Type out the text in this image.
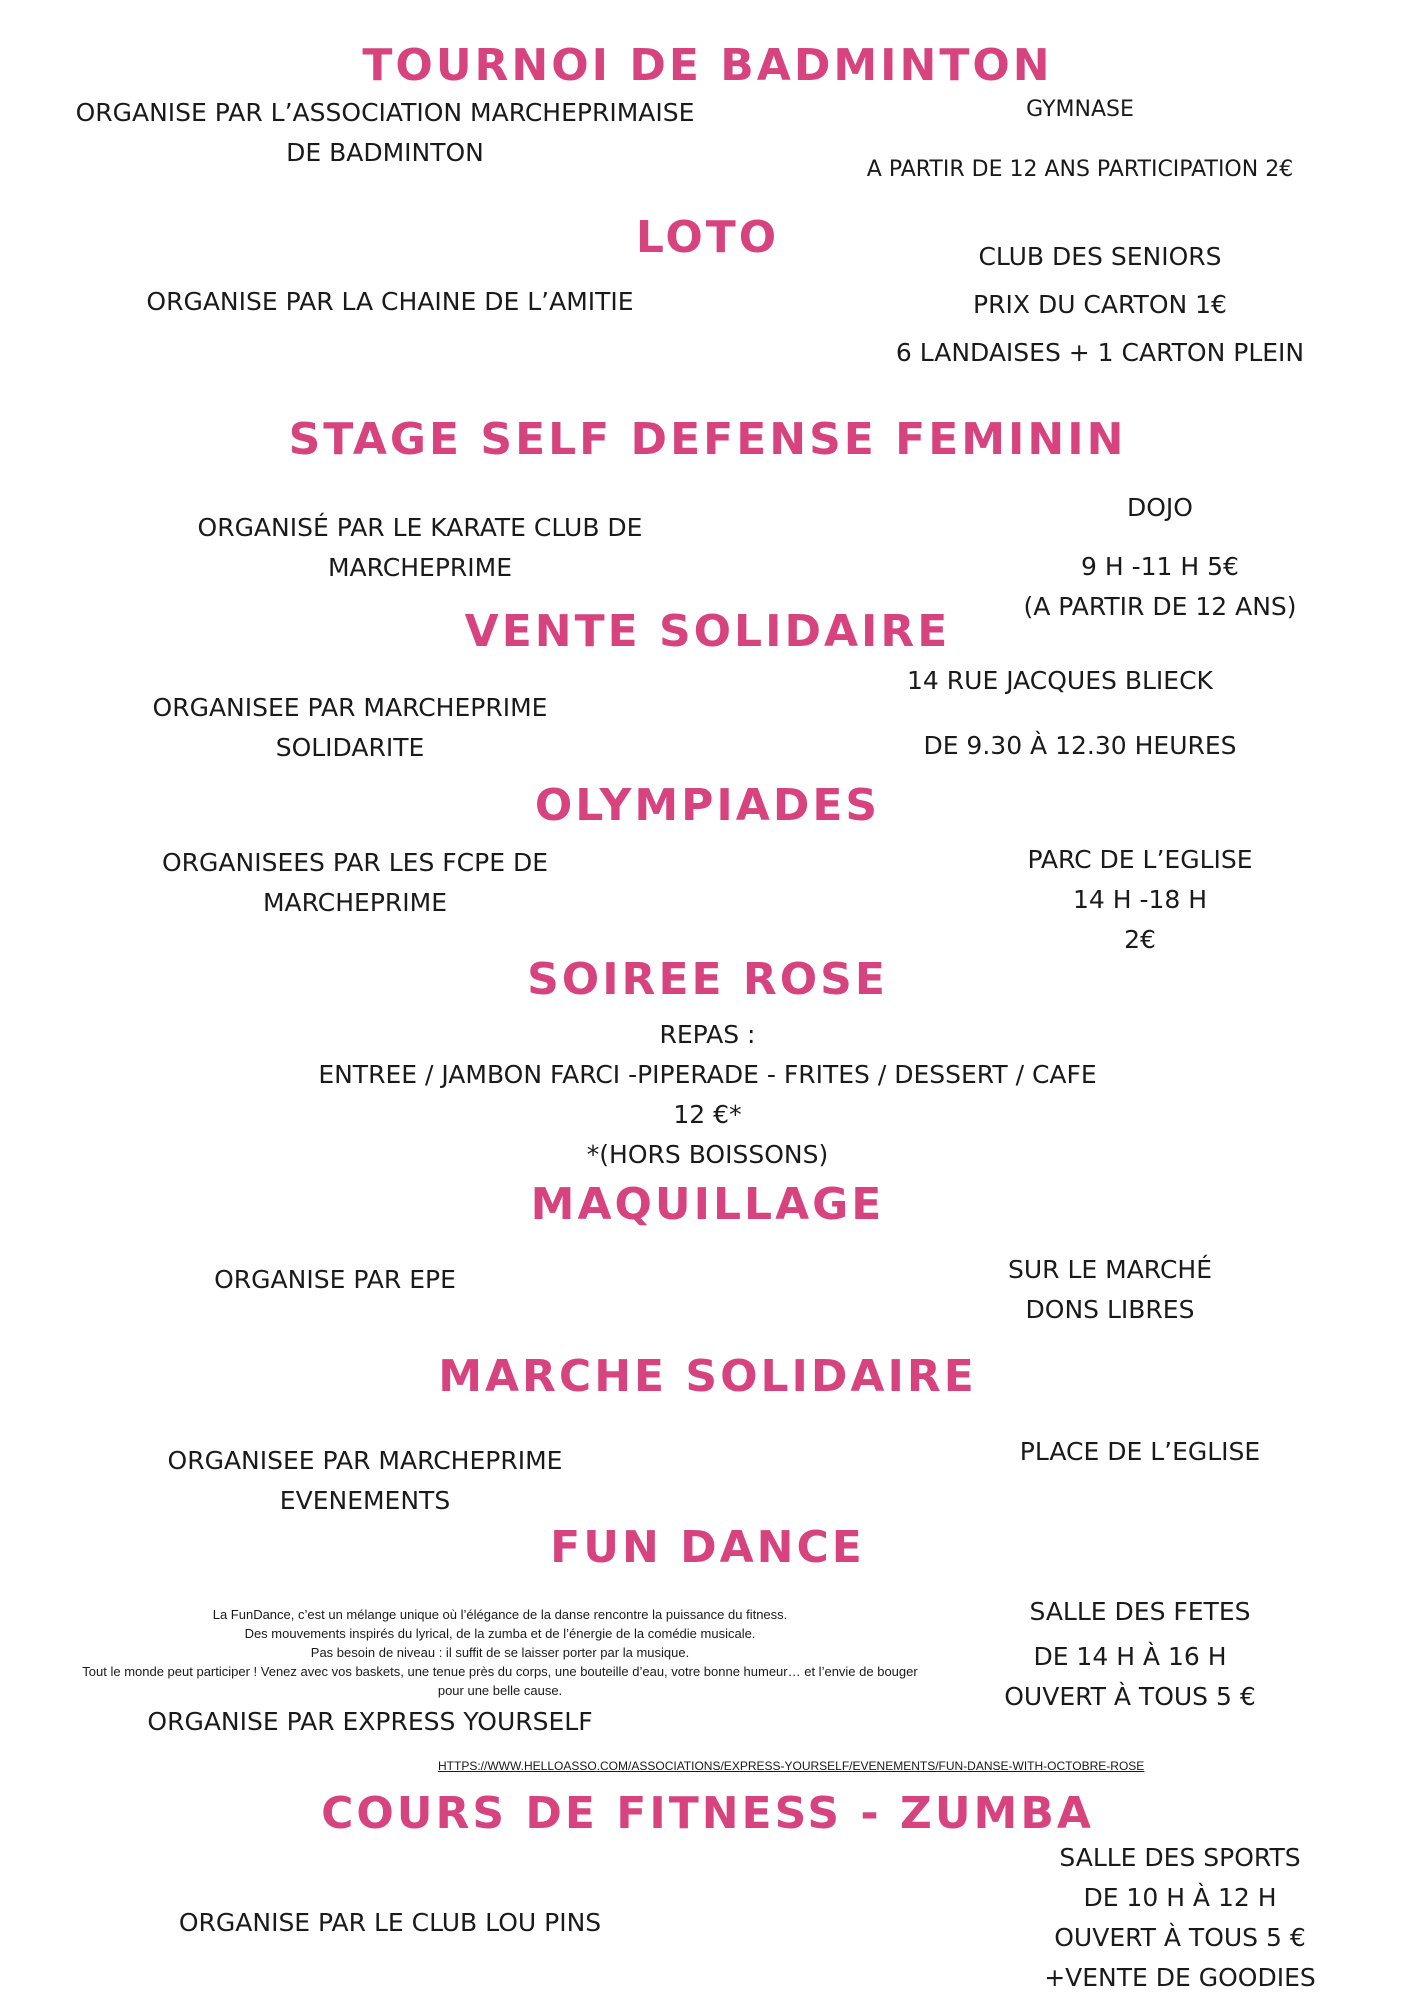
TOURNOI DE BADMINTON
ORGANISE PAR L’ASSOCIATION MARCHEPRIMAISE
DE BADMINTON
GYMNASE
A PARTIR DE 12 ANS PARTICIPATION 2€
LOTO
ORGANISE PAR LA CHAINE DE L’AMITIE
CLUB DES SENIORS
PRIX DU CARTON 1€
6 LANDAISES + 1 CARTON PLEIN
STAGE SELF DEFENSE FEMININ
ORGANISÉ PAR LE KARATE CLUB DE
MARCHEPRIME
DOJO
9 H -11 H 5€
(A PARTIR DE 12 ANS)
VENTE SOLIDAIRE
ORGANISEE PAR MARCHEPRIME
SOLIDARITE
14 RUE JACQUES BLIECK
DE 9.30 À 12.30 HEURES
OLYMPIADES
ORGANISEES PAR LES FCPE DE
MARCHEPRIME
PARC DE L’EGLISE
14 H -18 H
2€
SOIREE ROSE
REPAS :
ENTREE / JAMBON FARCI -PIPERADE - FRITES / DESSERT / CAFE
12 €*
*(HORS BOISSONS)
MAQUILLAGE
ORGANISE PAR EPE	SUR LE MARCHÉ
DONS LIBRES
MARCHE SOLIDAIRE
ORGANISEE PAR MARCHEPRIME
EVENEMENTS
PLACE DE L’EGLISE
FUN DANCE
La FunDance, c’est un mélange unique où l’élégance de la danse rencontre la puissance du fitness.
Des mouvements inspirés du lyrical, de la zumba et de l’énergie de la comédie musicale.
Pas besoin de niveau : il suffit de se laisser porter par la musique.
Tout le monde peut participer ! Venez avec vos baskets, une tenue près du corps, une bouteille d’eau, votre bonne humeur… et l’envie de bouger
pour une belle cause.
ORGANISE PAR EXPRESS YOURSELF
SALLE DES FETES
DE 14 H À 16 H
OUVERT À TOUS 5 €
HTTPS://WWW.HELLOASSO.COM/ASSOCIATIONS/EXPRESS-YOURSELF/EVENEMENTS/FUN-DANSE-WITH-OCTOBRE-ROSE
COURS DE FITNESS - ZUMBA
ORGANISE PAR LE CLUB LOU PINS
SALLE DES SPORTS
DE 10 H À 12 H
OUVERT À TOUS 5 €
+VENTE DE GOODIES
